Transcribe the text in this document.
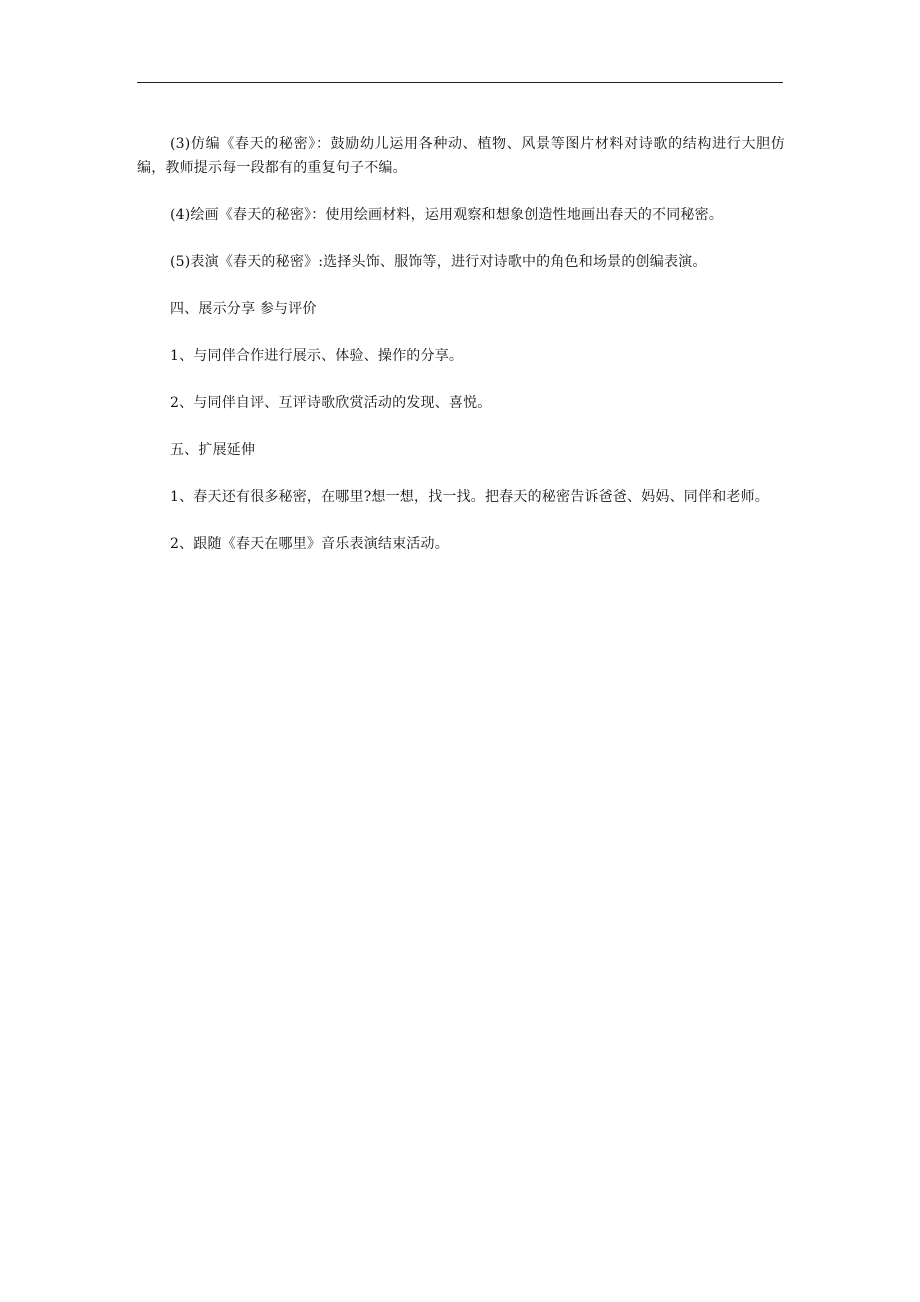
(3)仿编《春天的秘密》：鼓励幼儿运用各种动、植物、风景等图片材料对诗歌的结构进行大胆仿编，教师提示每一段都有的重复句子不编。

(4)绘画《春天的秘密》：使用绘画材料，运用观察和想象创造性地画出春天的不同秘密。

(5)表演《春天的秘密》:选择头饰、服饰等，进行对诗歌中的角色和场景的创编表演。

四、展示分享 参与评价

1、与同伴合作进行展示、体验、操作的分享。

2、与同伴自评、互评诗歌欣赏活动的发现、喜悦。

五、扩展延伸

1、春天还有很多秘密，在哪里?想一想，找一找。把春天的秘密告诉爸爸、妈妈、同伴和老师。

2、跟随《春天在哪里》音乐表演结束活动。
